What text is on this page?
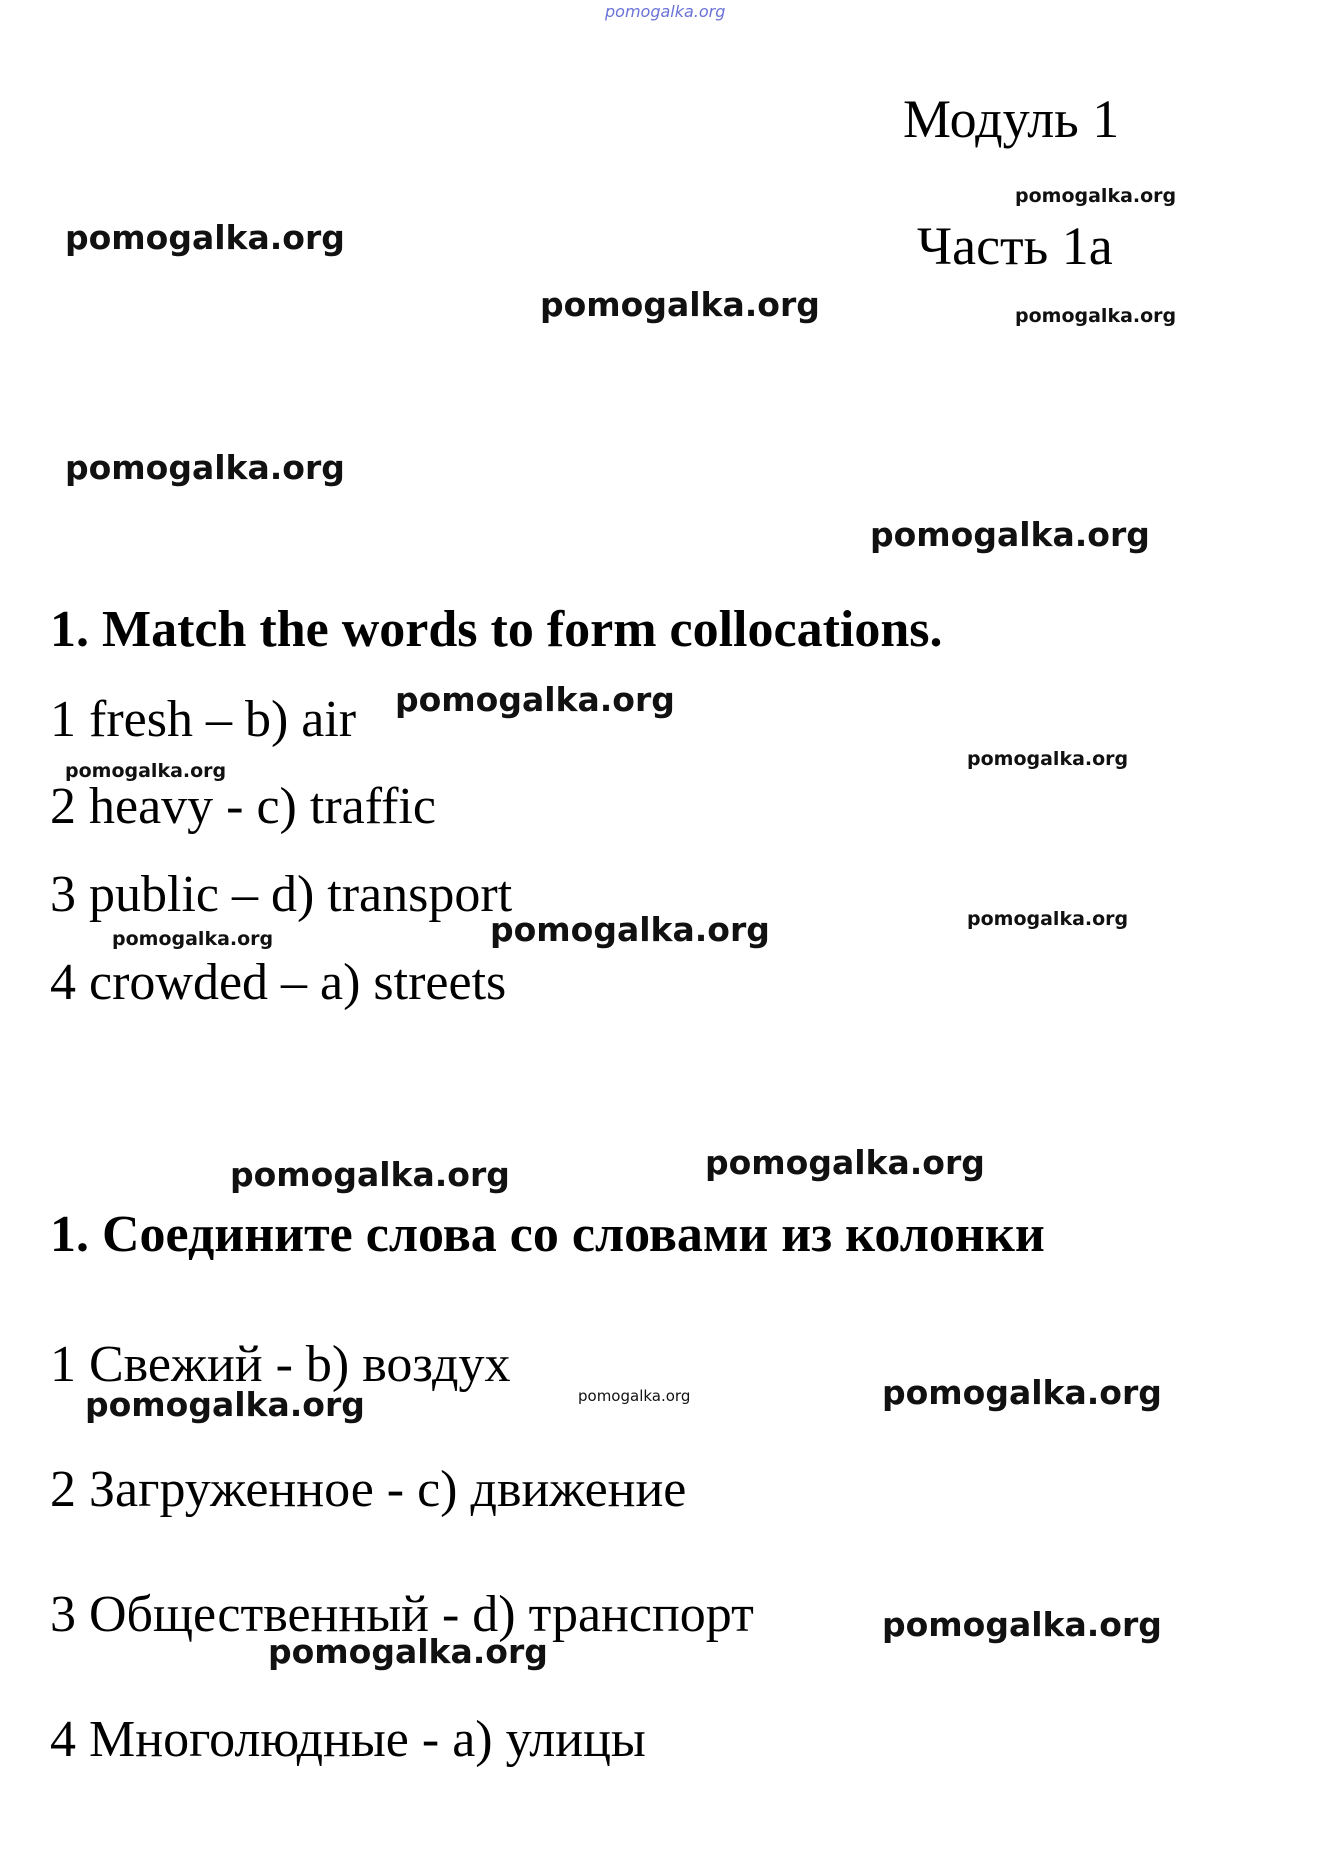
pomogalka.org
Модуль 1
Часть 1a
pomogalka.org
pomogalka.org
pomogalka.org	pomogalka.org
pomogalka.org
pomogalka.org
1. Match the words to form collocations.
1 fresh – b) air
2 heavy - c) traffic
3 public – d) transport
4 crowded – a) streets
pomogalka.org
pomogalka.org
pomogalka.org
pomogalka.org	pomogalka.org	pomogalka.org
pomogalka.org	pomogalka.org
1. Соедините слова со словами из колонки
1 Свежий - b) воздух
2 Загруженное - с) движение
3 Общественный - d) транспорт
4 Многолюдные - а) улицы
pomogalka.org	pomogalka.org	pomogalka.org
pomogalka.org
pomogalka.org
